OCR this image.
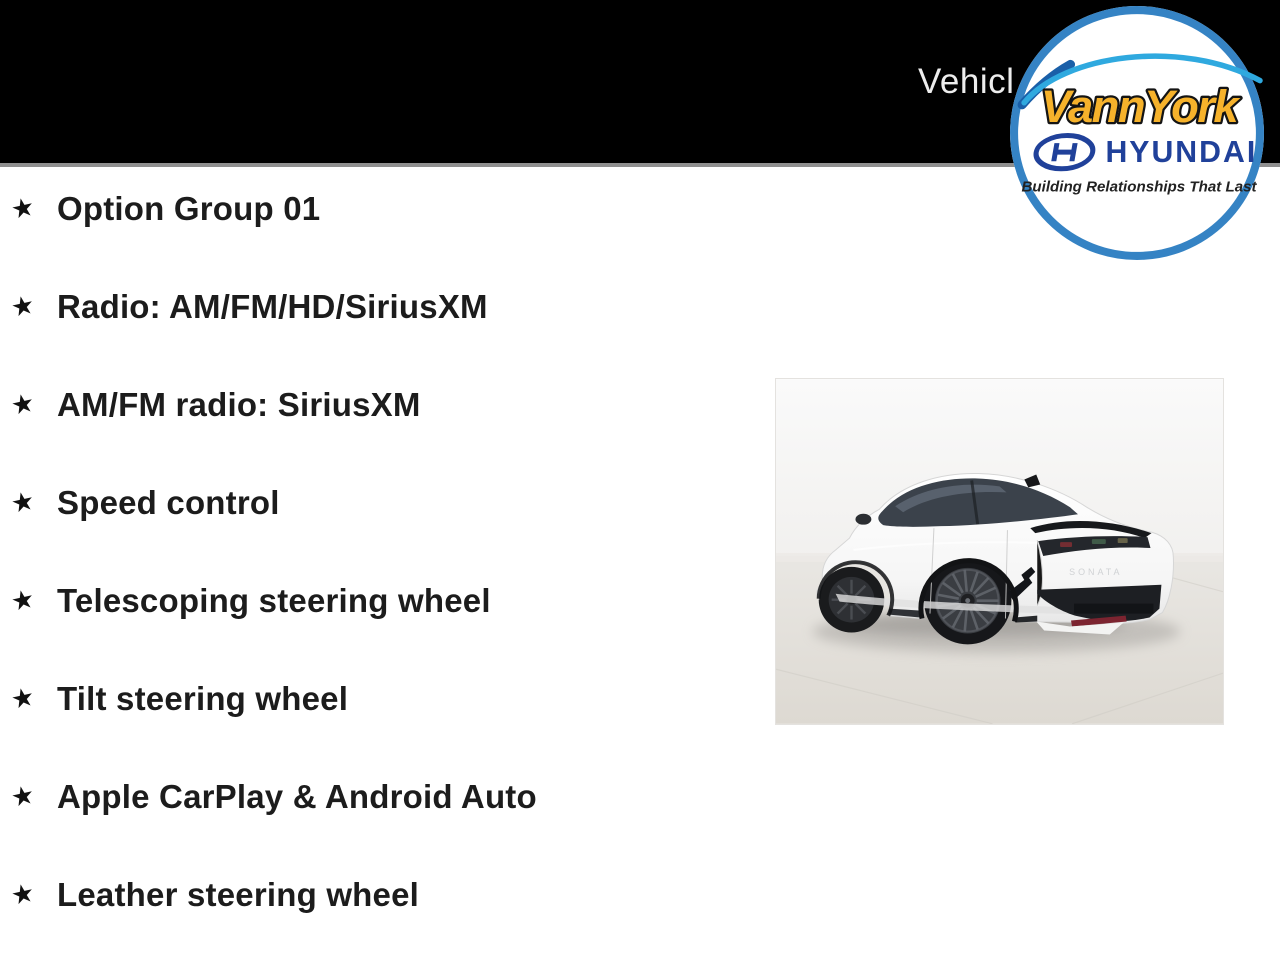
Vehicl VannYork
HYUNDAI
Building Relationships That Last
★ Option Group 01
★ Radio: AM/FM/HD/SiriusXM
★ AM/FM radio: SiriusXM
★ Speed control
★ Telescoping steering wheel
★ Tilt steering wheel
★ Apple CarPlay & Android Auto
★ Leather steering wheel
SONATA
